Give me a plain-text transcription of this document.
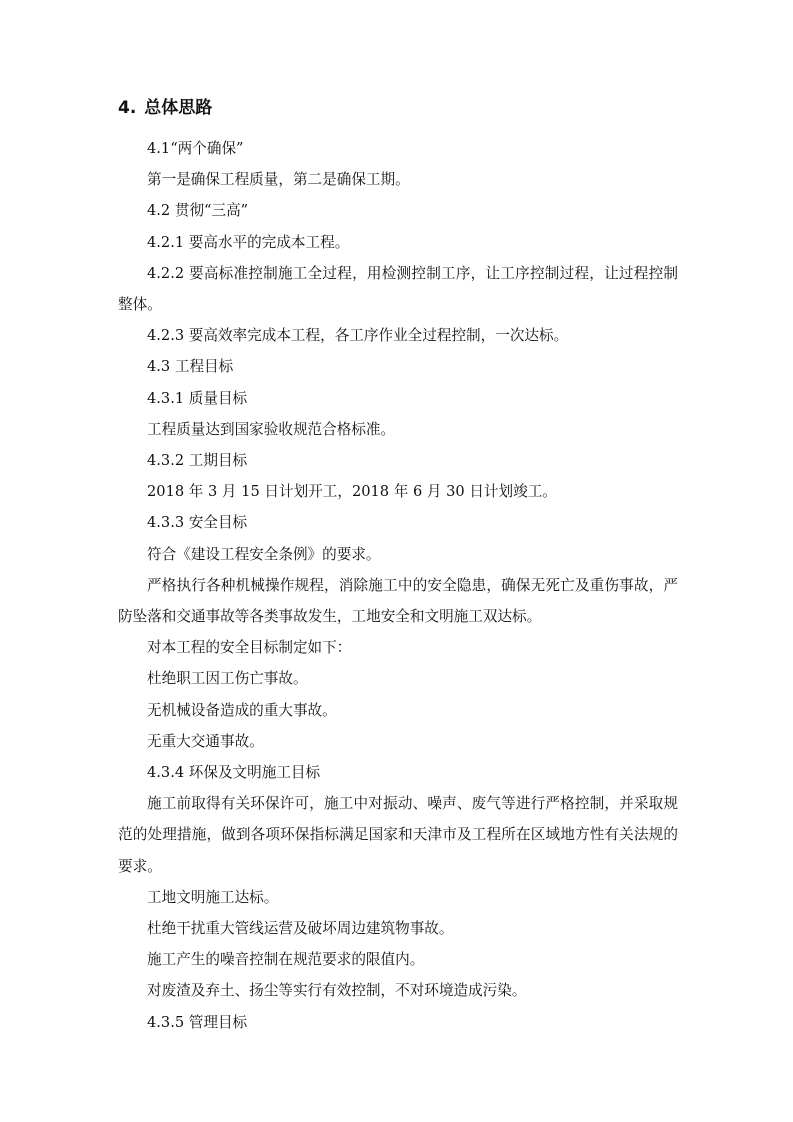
4. 总体思路

4.1“两个确保”

第一是确保工程质量，第二是确保工期。

4.2 贯彻“三高”

4.2.1 要高水平的完成本工程。

4.2.2 要高标准控制施工全过程，用检测控制工序，让工序控制过程，让过程控制整体。

4.2.3 要高效率完成本工程，各工序作业全过程控制，一次达标。

4.3 工程目标

4.3.1 质量目标

工程质量达到国家验收规范合格标准。

4.3.2 工期目标

2018 年 3 月 15 日计划开工，2018 年 6 月 30 日计划竣工。

4.3.3 安全目标

符合《建设工程安全条例》的要求。

严格执行各种机械操作规程，消除施工中的安全隐患，确保无死亡及重伤事故，严防坠落和交通事故等各类事故发生，工地安全和文明施工双达标。

对本工程的安全目标制定如下：

杜绝职工因工伤亡事故。

无机械设备造成的重大事故。

无重大交通事故。

4.3.4 环保及文明施工目标

施工前取得有关环保许可，施工中对振动、噪声、废气等进行严格控制，并采取规范的处理措施，做到各项环保指标满足国家和天津市及工程所在区域地方性有关法规的要求。

工地文明施工达标。

杜绝干扰重大管线运营及破坏周边建筑物事故。

施工产生的噪音控制在规范要求的限值内。

对废渣及弃土、扬尘等实行有效控制，不对环境造成污染。

4.3.5 管理目标
